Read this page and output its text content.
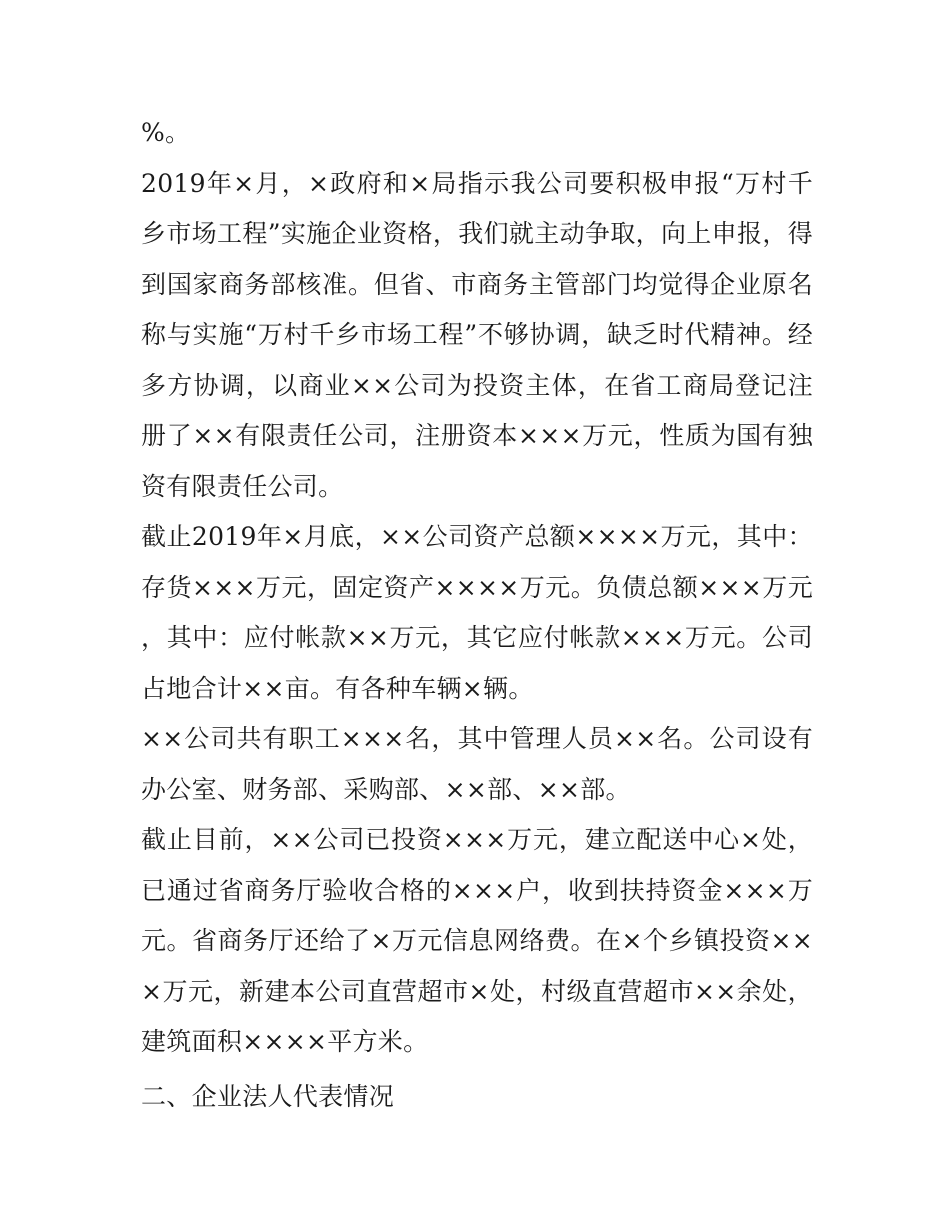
%。

2019年×月，×政府和×局指示我公司要积极申报“万村千乡市场工程”实施企业资格，我们就主动争取，向上申报，得到国家商务部核准。但省、市商务主管部门均觉得企业原名称与实施“万村千乡市场工程”不够协调，缺乏时代精神。经多方协调，以商业××公司为投资主体，在省工商局登记注册了××有限责任公司，注册资本×××万元，性质为国有独资有限责任公司。

截止2019年×月底，××公司资产总额××××万元，其中：存货×××万元，固定资产××××万元。负债总额×××万元，其中：应付帐款××万元，其它应付帐款×××万元。公司占地合计××亩。有各种车辆×辆。

××公司共有职工×××名，其中管理人员××名。公司设有办公室、财务部、采购部、××部、××部。

截止目前，××公司已投资×××万元，建立配送中心×处，已通过省商务厅验收合格的×××户，收到扶持资金×××万元。省商务厅还给了×万元信息网络费。在×个乡镇投资×××万元，新建本公司直营超市×处，村级直营超市××余处，建筑面积××××平方米。

二、企业法人代表情况
